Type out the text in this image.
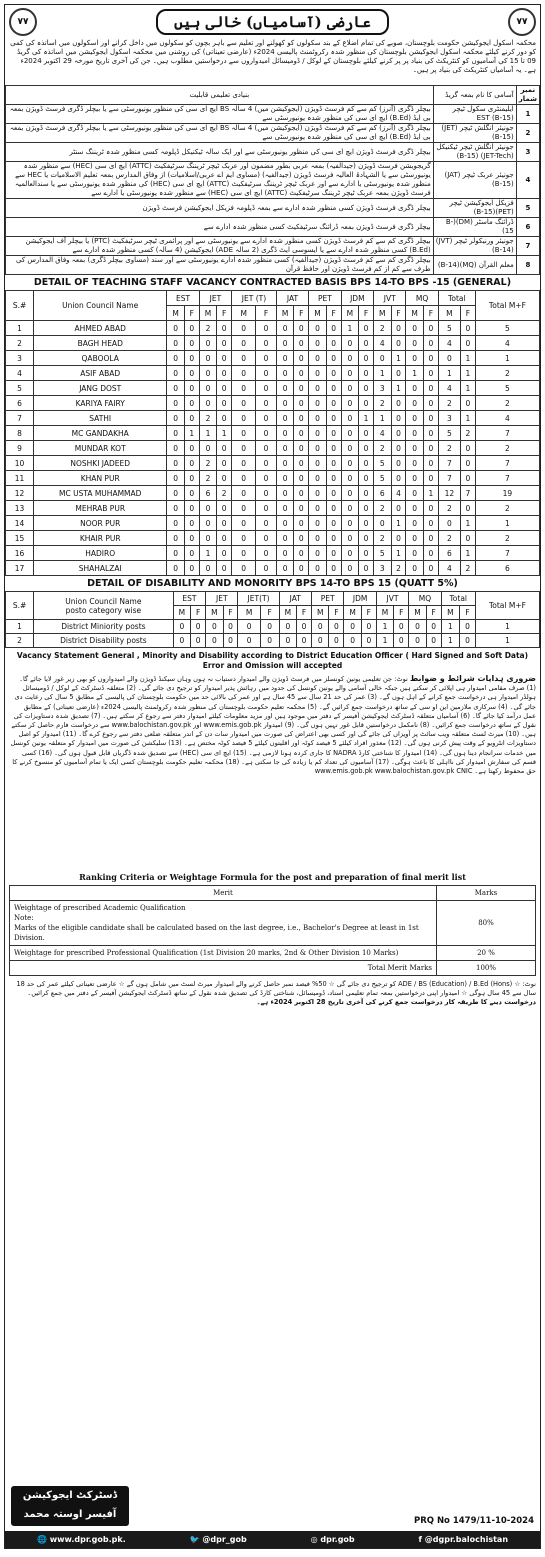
٧٧	عارضی (آسامیاں) خالی ہیں	٧٧
محکمہ اسکول ایجوکیشن حکومت بلوچستان، صوبے کی تمام اضلاع کے بند سکولوں کو کھولنے اور تعلیم سے باہر بچوں کو سکولوں میں داخل کرانے اور اسکولوں میں اساتذہ کی کمی کو دور کرنے کیلئے محکمہ اسکول ایجوکیشن بلوچستان کی منظور شدہ رکروٹمنٹ پالیسی 2024ء (عارضی تعیناتی) کی روشنی میں محکمہ اسکول ایجوکیشن میں اساتذہ کی گریڈ 09 تا 15 کی آسامیوں کو کنٹریکٹ کی بنیاد پر پر کرنے کیلئے بلوچستان کے لوکل / ڈومیسائل امیدواروں سے درخواستیں مطلوب ہیں۔ جن کی آخری تاریخ مورخہ 29 اکتوبر 2024ء ہے۔ یہ آسامیاں کنٹریکٹ کی بنیاد پر ہیں۔
نمبر شمار	آسامی کا نام بمعہ گریڈ	بنیادی تعلیمی قابلیت
1	ایلیمنٹری سکول ٹیچر (EST (B-15	بیچلر ڈگری (آنرز) کم سے کم فرسٹ ڈویژن (ایجوکیشن میں) 4 سالہ BS ایچ ای سی کی منظور یونیورسٹی سے یا بیچلر ڈگری فرسٹ ڈویژن بمعہ بی ایڈ (B.Ed) ایچ ای سی کی منظور شدہ یونیورسٹی سے
2	جونیئر انگلش ٹیچر (JET)(B-15)	بیچلر ڈگری (آنرز) کم سے کم فرسٹ ڈویژن (ایجوکیشن میں) 4 سالہ BS ایچ ای سی کی منظور یونیورسٹی سے یا بیچلر ڈگری فرسٹ ڈویژن بمعہ بی ایڈ (B.Ed) ایچ ای سی کی منظور شدہ یونیورسٹی سے
3	جونیئر انگلش ٹیچر ٹیکنیکل (JET-Tech) (B-15)	بیچلر ڈگری فرسٹ ڈویژن ایچ ای سی کی منظور یونیورسٹی سے اور ایک سالہ ٹیکنیکل ڈپلومہ کسی منظور شدہ ٹریننگ سنٹر
4	جونیئر عربک ٹیچر (JAT) (B-15)	گریجویشن فرسٹ ڈویژن (جیدالفیہ) بمعہ عربی بطور مضمون اور عربک ٹیچر ٹریننگ سرٹیفکیٹ (ATTC) ایچ ای سی (HEC) سے منظور شدہ یونیورسٹی سے یا الشہادۃ العالیہ فرسٹ ڈویژن (جیدالفیہ) (مساوی ایم اے عربی/اسلامیات) از وفاق المدارس بمعہ تعلیم الاسلامیات یا HEC سے منظور شدہ یونیورسٹی یا ادارے سے اور عربک ٹیچر ٹریننگ سرٹیفکیٹ (ATTC) ایچ ای سی (HEC) کی منظور شدہ یونیورسٹی سے یا سندالعالمیہ فرسٹ ڈویژن بمعہ عربک ٹیچر ٹریننگ سرٹیفکیٹ (ATTC) ایچ ای سی (HEC) سے منظور شدہ یونیورسٹی یا ادارے سے
5	فزیکل ایجوکیشن ٹیچر (PET)(B-15)	بیچلر ڈگری فرسٹ ڈویژن کسی منظور شدہ ادارے سے بمعہ ڈپلومہ فزیکل ایجوکیشن فرسٹ ڈویژن
6	ڈرائنگ ماسٹر (DM)(B-15)	بیچلر ڈگری فرسٹ ڈویژن بمعہ ڈرائنگ سرٹیفکیٹ کسی منظور شدہ ادارے سے
7	جونیئر ورنیکولر ٹیچر (JVT) (B-14)	بیچلر ڈگری کم سے کم فرسٹ ڈویژن کسی منظور شدہ ادارے سے یونیورسٹی سے اور پرائمری ٹیچر سرٹیفکیٹ (PTC) یا بیچلر آف ایجوکیشن (B.Ed) کسی منظور شدہ ادارے سے یا ایسوسی ایٹ ڈگری (2 سالہ ADE) ایجوکیشن (4 سالہ) کسی منظور شدہ ادارے سے
8	معلم القرآن (MQ)(B-14)	بیچلر ڈگری کم سے کم فرسٹ ڈویژن (جیدالفیہ) کسی منظور شدہ ادارے یونیورسٹی سے اور سند (مساوی بیچلر ڈگری) بمعہ وفاق المدارس کی طرف سے کم از کم فرسٹ ڈویژن اور حافظ قرآن
DETAIL OF TEACHING STAFF VACANCY CONTRACTED BASIS BPS 14-TO BPS -15 (GENERAL)
S.#	Union Council Name	EST		JET		JET (T)		JAT		PET		JDM		JVT		MQ		Total		Total M+F
		M	F	M	F	M	F	M	F	M	F	M	F	M	F	M	F	M	F	
1	AHMED ABAD	0	0	2	0	0	0	0	0	0	0	1	0	2	0	0	0	5	0	5
2	BAGH HEAD	0	0	0	0	0	0	0	0	0	0	0	0	4	0	0	0	4	0	4
3	QABOOLA	0	0	0	0	0	0	0	0	0	0	0	0	0	1	0	0	0	1	1
4	ASIF ABAD	0	0	0	0	0	0	0	0	0	0	0	0	1	0	1	0	1	1	2
5	JANG DOST	0	0	0	0	0	0	0	0	0	0	0	0	3	1	0	0	4	1	5
6	KARIYA FAIRY	0	0	0	0	0	0	0	0	0	0	0	0	2	0	0	0	2	0	2
7	SATHI	0	0	2	0	0	0	0	0	0	0	0	1	1	0	0	0	3	1	4
8	MC GANDAKHA	0	1	1	1	0	0	0	0	0	0	0	0	4	0	0	0	5	2	7
9	MUNDAR KOT	0	0	0	0	0	0	0	0	0	0	0	0	2	0	0	0	2	0	2
10	NOSHKI JADEED	0	0	2	0	0	0	0	0	0	0	0	0	5	0	0	0	7	0	7
11	KHAN PUR	0	0	2	0	0	0	0	0	0	0	0	0	5	0	0	0	7	0	7
12	MC USTA MUHAMMAD	0	0	6	2	0	0	0	0	0	0	0	0	6	4	0	1	12	7	19
13	MEHRAB PUR	0	0	0	0	0	0	0	0	0	0	0	0	2	0	0	0	2	0	2
14	NOOR PUR	0	0	0	0	0	0	0	0	0	0	0	0	0	1	0	0	0	1	1
15	KHAIR PUR	0	0	0	0	0	0	0	0	0	0	0	0	2	0	0	0	2	0	2
16	HADIRO	0	0	1	0	0	0	0	0	0	0	0	0	5	1	0	0	6	1	7
17	SHAHALZAI	0	0	0	0	0	0	0	0	0	0	0	0	3	2	0	0	4	2	6
DETAIL OF DISABILITY AND MONORITY BPS 14-TO BPS 15 (QUATT 5%)
S.#	Union Council Name
posto category wise	EST		JET		JET(T)		JAT		PET		JDM		JVT		MQ		Total		Total M+F
		M	F	M	F	M	F	M	F	M	F	M	F	M	F	M	F	M	F	
1	District Miniority posts	0	0	0	0	0	0	0	0	0	0	0	0	1	0	0	0	1	0	1
2	District Disability posts	0	0	0	0	0	0	0	0	0	0	0	0	1	0	0	0	1	0	1
Vacancy Statement General , Minority and Disability according to District Education Officer ( Hard Signed and Soft Data) Error and Omission will accepted
ضروری ہدایات شرائط و ضوابط نوٹ: جن تعلیمی یونین کونسلز میں فرسٹ ڈویژن والے امیدوار دستیاب نہ ہوں وہاں سیکنڈ ڈویژن والے امیدواروں کو بھی زیر غور لایا جائے گا۔ (1) صرف مقامی امیدوار ہی اپلائی کر سکتے ہیں جبکہ خالی آسامی والے یونین کونسل کی حدود میں رہائش پذیر امیدوار کو ترجیح دی جائے گی۔ (2) متعلقہ ڈسٹرکٹ کے لوکل / ڈومیسائل ہولڈر امیدوار ہی درخواست جمع کرانے کے اہل ہوں گے۔ (3) عمر کی حد 21 سال سے 45 سال ہے اور عمر کی بالائی حد میں حکومت بلوچستان کی پالیسی کے مطابق 5 سال کی رعایت دی جائے گی۔ (4) سرکاری ملازمین این او سی کے ساتھ درخواست جمع کرائیں گے۔ (5) محکمہ تعلیم حکومت بلوچستان کی منظور شدہ رکروٹمنٹ پالیسی 2024ء (عارضی تعیناتی) کے مطابق عمل درآمد کیا جائے گا۔ (6) آسامیاں متعلقہ ڈسٹرکٹ ایجوکیشن آفیسر کے دفتر میں موجود ہیں اور مزید معلومات کیلئے امیدوار دفتر سے رجوع کر سکتے ہیں۔ (7) تصدیق شدہ دستاویزات کی نقول کے ساتھ درخواست جمع کرائیں۔ (8) نامکمل درخواستیں قابل غور نہیں ہوں گی۔ (9) امیدوار www.emis.gob.pk اور www.balochistan.gov.pk سے درخواست فارم حاصل کر سکتے ہیں۔ (10) میرٹ لسٹ متعلقہ ویب سائٹ پر آویزاں کی جائے گی اور کسی بھی اعتراض کی صورت میں امیدوار سات دن کے اندر متعلقہ ضلعی دفتر سے رجوع کرے گا۔ (11) امیدوار کو اصل دستاویزات انٹرویو کے وقت پیش کرنی ہوں گی۔ (12) معذور افراد کیلئے 5 فیصد کوٹہ اور اقلیتوں کیلئے 5 فیصد کوٹہ مختص ہے۔ (13) سلیکشن کی صورت میں امیدوار کو متعلقہ یونین کونسل میں خدمات سرانجام دینا ہوں گی۔ (14) امیدوار کا شناختی کارڈ NADRA کا جاری کردہ ہونا لازمی ہے۔ (15) ایچ ای سی (HEC) سے تصدیق شدہ ڈگریاں قابل قبول ہوں گی۔ (16) کسی قسم کی سفارش امیدوار کی نااہلی کا باعث ہوگی۔ (17) آسامیوں کی تعداد کم یا زیادہ کی جا سکتی ہے۔ (18) محکمہ تعلیم حکومت بلوچستان کسی ایک یا تمام آسامیوں کو منسوخ کرنے کا حق محفوظ رکھتا ہے۔ www.emis.gob.pk www.balochistan.gov.pk CNIC
Ranking Criteria or Weightage Formula for the post and preparation of final merit list
Merit	Marks

Weightage of prescribed Academic Qualification
Note:
Marks of the eligible candidate shall be calculated based on the last degree, i.e., Bachelor's Degree at least in 1st Division.	80%
Weightage for prescribed Professional Qualification (1st Division 20 marks, 2nd & Other Division 10 Marks)	20 %
Total Merit Marks	100%
نوٹ: ☆ ADE / BS (Education) / B.Ed (Hons) کو ترجیح دی جائے گی ☆ 50% فیصد نمبر حاصل کرنے والے امیدوار میرٹ لسٹ میں شامل ہوں گے ☆ عارضی تعیناتی کیلئے عمر کی حد 18 سال سے 45 سال ہوگی ☆ امیدوار اپنی درخواستیں بمعہ تمام تعلیمی اسناد، ڈومیسائل، شناختی کارڈ کی تصدیق شدہ نقول کے ساتھ ڈسٹرکٹ ایجوکیشن آفیسر کے دفتر میں جمع کرائیں۔ درخواست دینے کا طریقہ کار درخواست جمع کرنے کی آخری تاریخ 28 اکتوبر 2024ء ہے۔
ڈسٹرکٹ ایجوکیشن
آفیسر اوستہ محمد
PRQ No 1479/11-10-2024
🌐 www.dpr.gob.pk.	🐦 @dpr_gob	◎ dpr.gob	f @dgpr.balochistan
